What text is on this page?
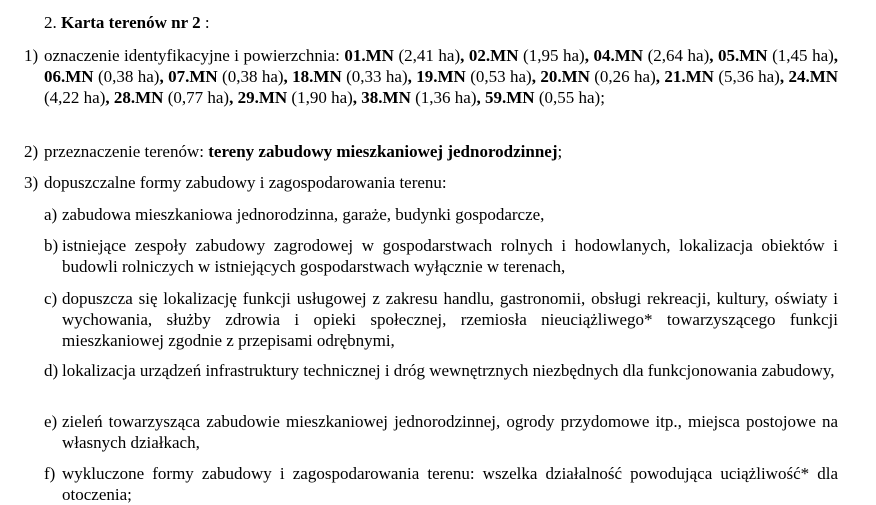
2. Karta terenów nr 2 :
1) oznaczenie identyfikacyjne i powierzchnia: 01.MN (2,41 ha), 02.MN (1,95 ha), 04.MN (2,64 ha), 05.MN (1,45 ha), 06.MN (0,38 ha), 07.MN (0,38 ha), 18.MN (0,33 ha), 19.MN (0,53 ha), 20.MN (0,26 ha), 21.MN (5,36 ha), 24.MN (4,22 ha), 28.MN (0,77 ha), 29.MN (1,90 ha), 38.MN (1,36 ha), 59.MN (0,55 ha);
2) przeznaczenie terenów: tereny zabudowy mieszkaniowej jednorodzinnej;
3) dopuszczalne formy zabudowy i zagospodarowania terenu:
a) zabudowa mieszkaniowa jednorodzinna, garaże, budynki gospodarcze,
b) istniejące zespoły zabudowy zagrodowej w gospodarstwach rolnych i hodowlanych, lokalizacja obiektów i budowli rolniczych w istniejących gospodarstwach wyłącznie w terenach,
c) dopuszcza się lokalizację funkcji usługowej z zakresu handlu, gastronomii, obsługi rekreacji, kultury, oświaty i wychowania, służby zdrowia i opieki społecznej, rzemiosła nieuciążliwego* towarzyszącego funkcji mieszkaniowej zgodnie z przepisami odrębnymi,
d) lokalizacja urządzeń infrastruktury technicznej i dróg wewnętrznych niezbędnych dla funkcjonowania zabudowy,
e) zieleń towarzysząca zabudowie mieszkaniowej jednorodzinnej, ogrody przydomowe itp., miejsca postojowe na własnych działkach,
f) wykluczone formy zabudowy i zagospodarowania terenu: wszelka działalność powodująca uciążliwość* dla otoczenia;
